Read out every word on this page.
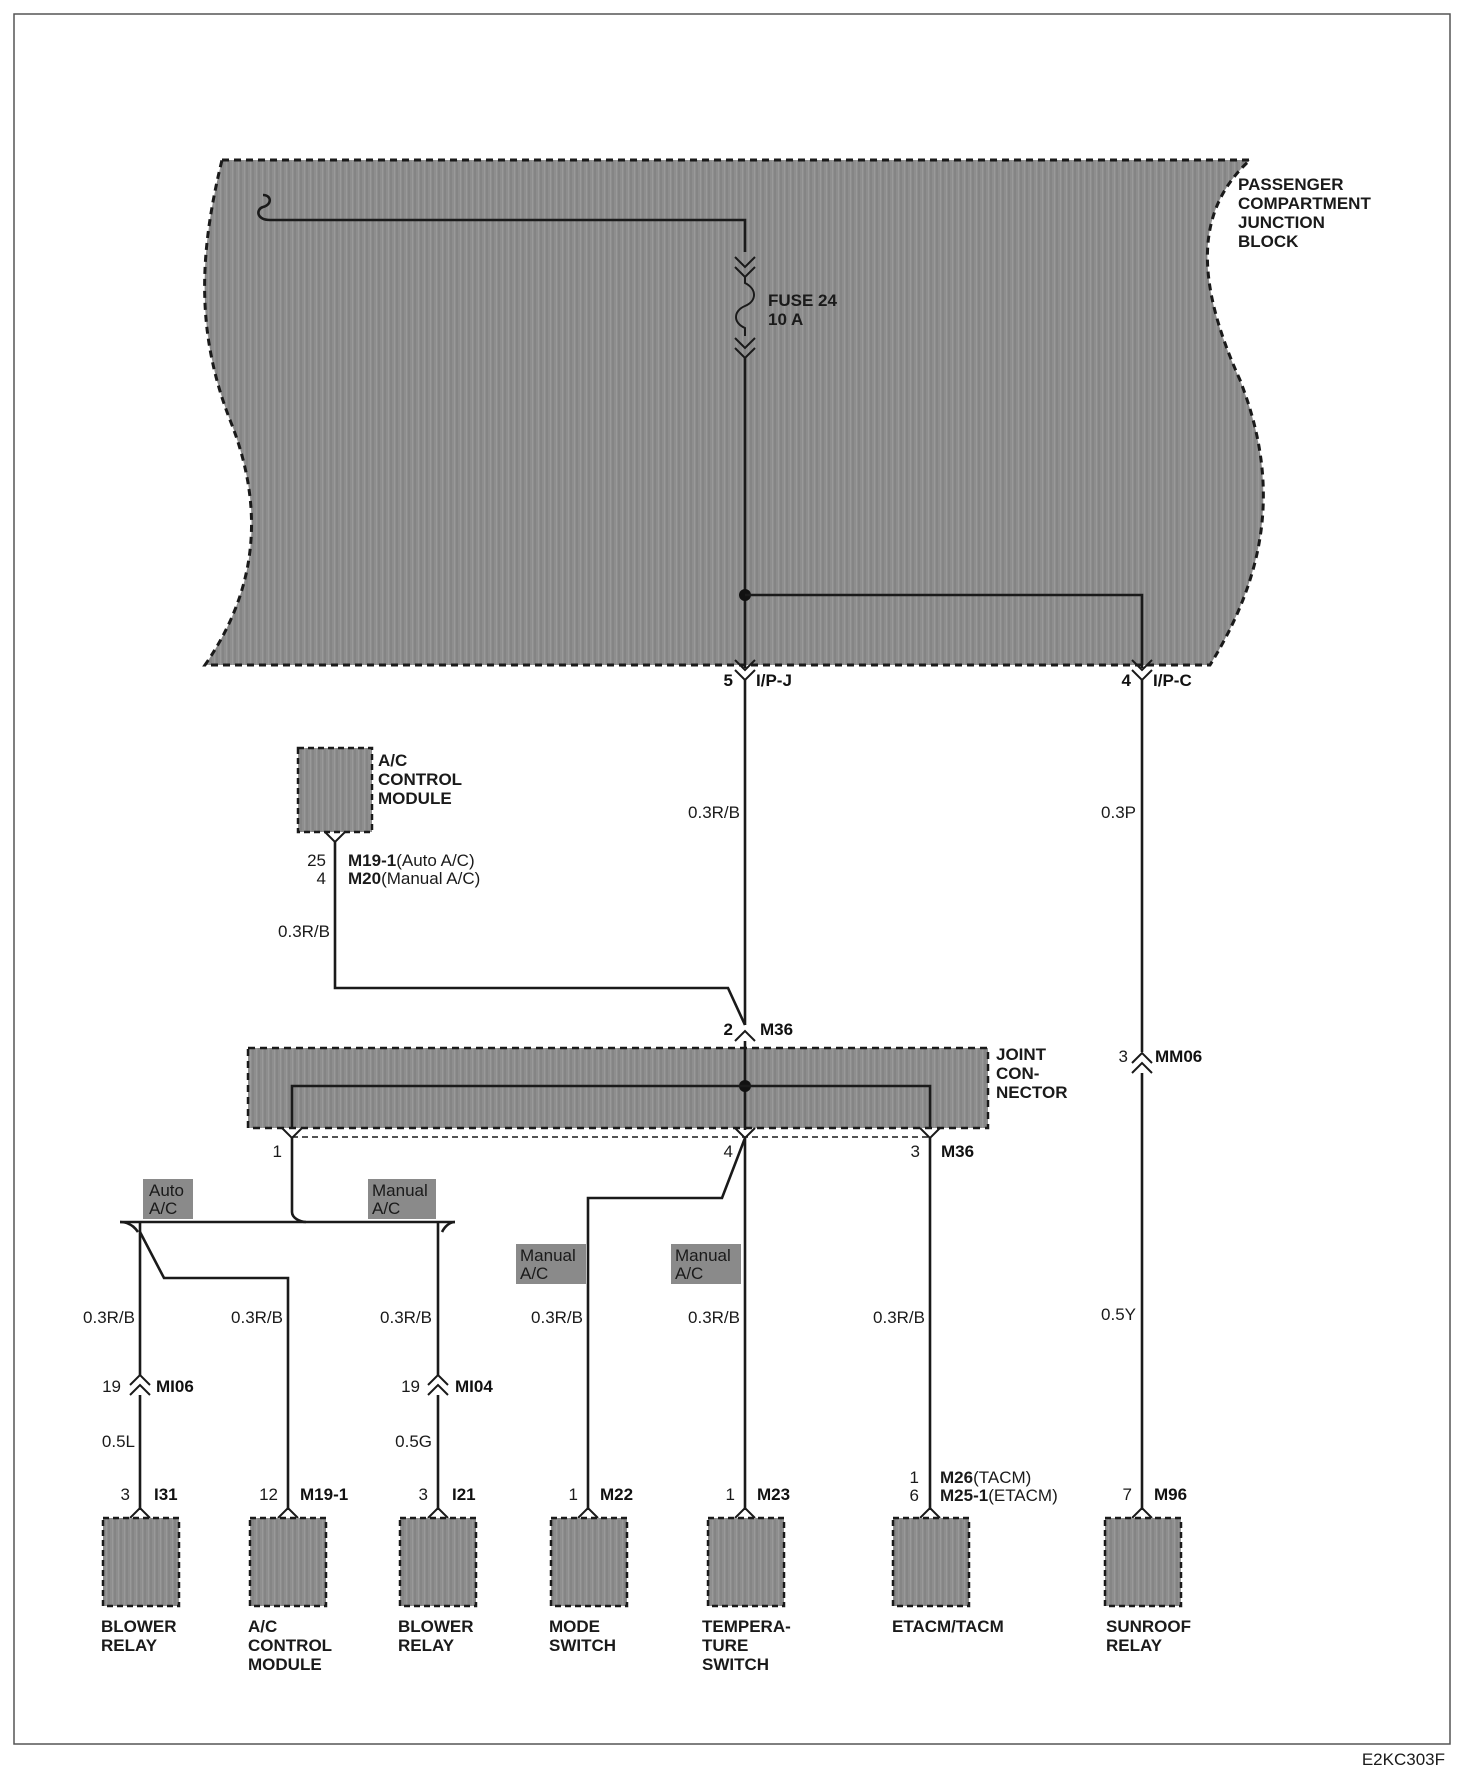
PASSENGER
COMPARTMENT
JUNCTION
BLOCK
FUSE 24
10 A
5 I/P-J	4 I/P-C
0.3R/B	0.3P
A/C
CONTROL
MODULE
25
4
M19-1(Auto A/C)
M20(Manual A/C)
0.3R/B
2 M36
JOINT
CON-
NECTOR
1	4	3 M36
3 MM06
0.5Y
Auto
A/C
Manual
A/C
0.3R/B
19 MI06
0.5L
0.3R/B	0.3R/B
19 MI04
0.5G
Manual
A/C
0.3R/B
Manual
A/C
0.3R/B	0.3R/B
3 I31
BLOWER
RELAY
12 M19-1
A/C
CONTROL
MODULE
3 I21
BLOWER
RELAY
1 M22
MODE
SWITCH
1 M23
TEMPERA-
TURE
SWITCH
1
6
M26(TACM)
M25-1(ETACM)
ETACM/TACM
7 M96
SUNROOF
RELAY
E2KC303F
